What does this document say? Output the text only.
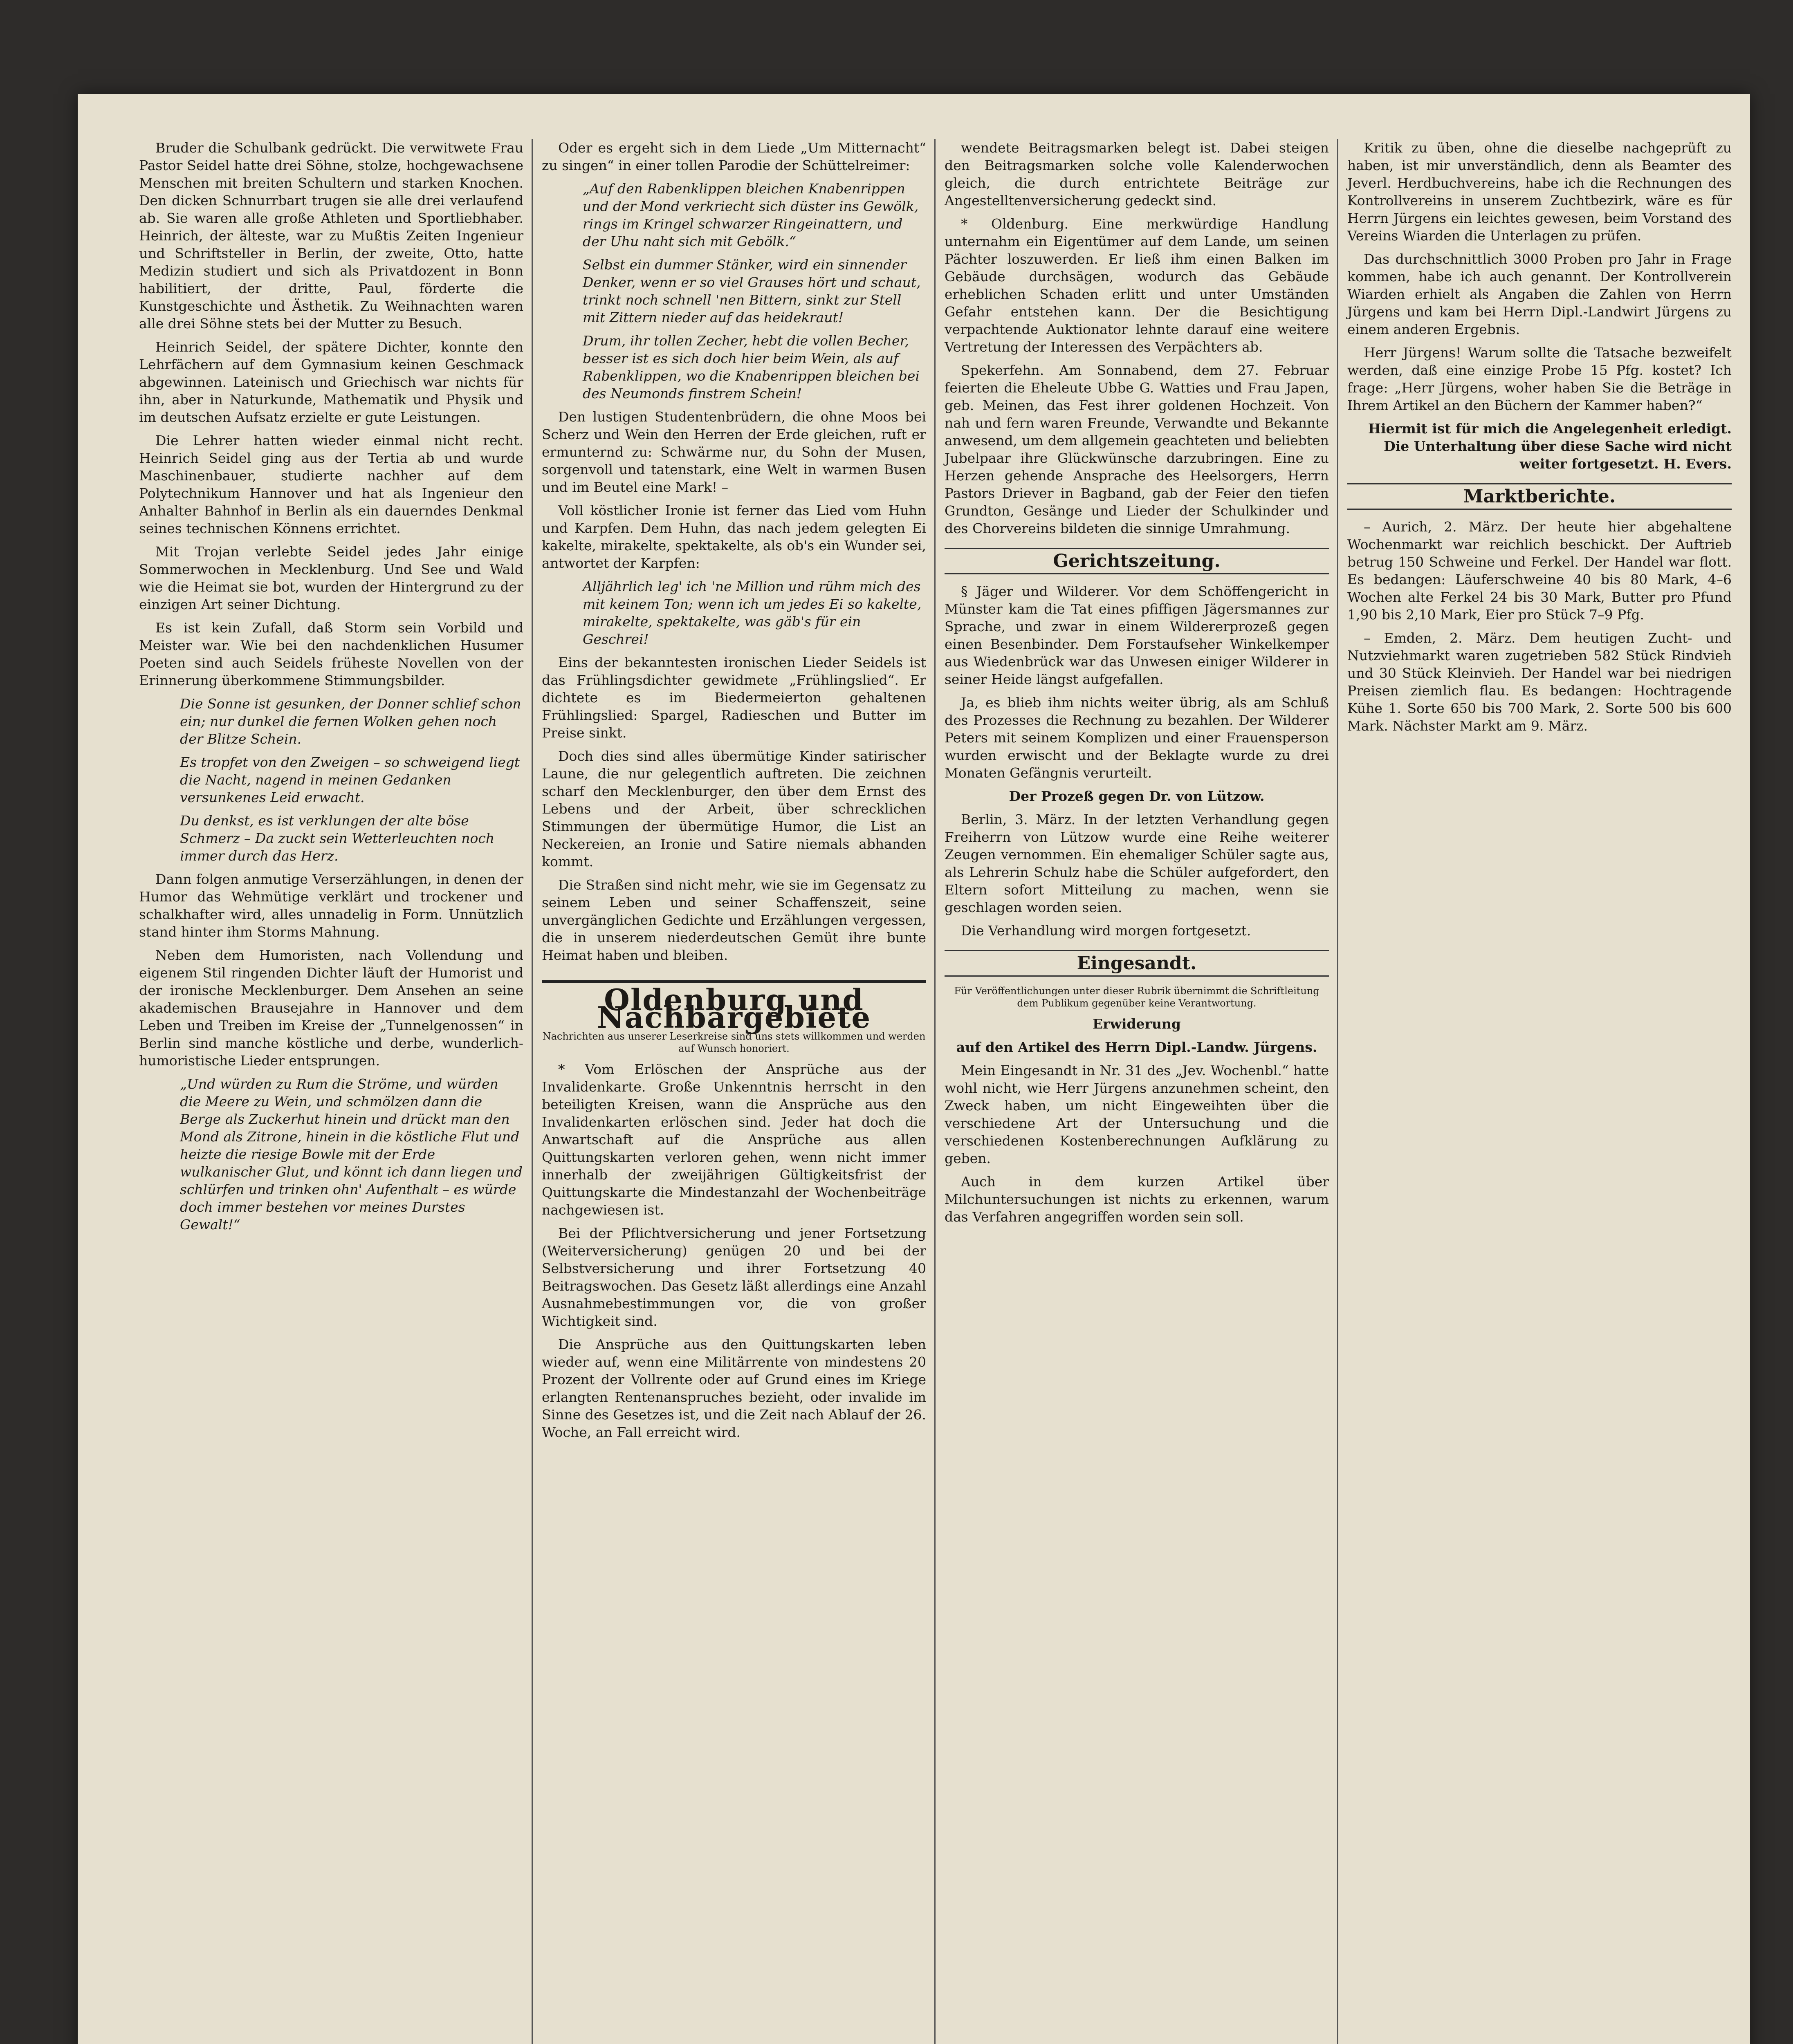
Bruder die Schulbank gedrückt. Die verwitwete Frau Pastor Seidel hatte drei Söhne, stolze, hochgewachsene Menschen mit breiten Schultern und starken Knochen. Den dicken Schnurrbart trugen sie alle drei verlaufend ab. Sie waren alle große Athleten und Sportliebhaber. Heinrich, der älteste, war zu Mußtis Zeiten Ingenieur und Schriftsteller in Berlin, der zweite, Otto, hatte Medizin studiert und sich als Privatdozent in Bonn habilitiert, der dritte, Paul, förderte die Kunstgeschichte und Ästhetik. Zu Weihnachten waren alle drei Söhne stets bei der Mutter zu Besuch.

Heinrich Seidel, der spätere Dichter, konnte den Lehrfächern auf dem Gymnasium keinen Geschmack abgewinnen. Lateinisch und Griechisch war nichts für ihn, aber in Naturkunde, Mathematik und Physik und im deutschen Aufsatz erzielte er gute Leistungen.

Die Lehrer hatten wieder einmal nicht recht. Heinrich Seidel ging aus der Tertia ab und wurde Maschinenbauer, studierte nachher auf dem Polytechnikum Hannover und hat als Ingenieur den Anhalter Bahnhof in Berlin als ein dauerndes Denkmal seines technischen Könnens errichtet.

Mit Trojan verlebte Seidel jedes Jahr einige Sommerwochen in Mecklenburg. Und See und Wald wie die Heimat sie bot, wurden der Hintergrund zu der einzigen Art seiner Dichtung.

Es ist kein Zufall, daß Storm sein Vorbild und Meister war. Wie bei den nachdenklichen Husumer Poeten sind auch Seidels früheste Novellen von der Erinnerung überkommene Stimmungsbilder.

Die Sonne ist gesunken, der Donner schlief schon ein; nur dunkel die fernen Wolken gehen noch der Blitze Schein.

Es tropfet von den Zweigen – so schweigend liegt die Nacht, nagend in meinen Gedanken versunkenes Leid erwacht.

Du denkst, es ist verklungen der alte böse Schmerz – Da zuckt sein Wetterleuchten noch immer durch das Herz.

Dann folgen anmutige Verserzählungen, in denen der Humor das Wehmütige verklärt und trockener und schalkhafter wird, alles unnadelig in Form. Unnützlich stand hinter ihm Storms Mahnung.

Neben dem Humoristen, nach Vollendung und eigenem Stil ringenden Dichter läuft der Humorist und der ironische Mecklenburger. Dem Ansehen an seine akademischen Brausejahre in Hannover und dem Leben und Treiben im Kreise der „Tunnelgenossen“ in Berlin sind manche köstliche und derbe, wunderlich-humoristische Lieder entsprungen.

„Und würden zu Rum die Ströme, und würden die Meere zu Wein, und schmölzen dann die Berge als Zuckerhut hinein und drückt man den Mond als Zitrone, hinein in die köstliche Flut und heizte die riesige Bowle mit der Erde wulkanischer Glut, und könnt ich dann liegen und schlürfen und trinken ohn' Aufenthalt – es würde doch immer bestehen vor meines Durstes Gewalt!“

Oder es ergeht sich in dem Liede „Um Mitternacht“ zu singen“ in einer tollen Parodie der Schüttelreimer:

„Auf den Rabenklippen bleichen Knabenrippen und der Mond verkriecht sich düster ins Gewölk, rings im Kringel schwarzer Ringeinattern, und der Uhu naht sich mit Gebölk.“

Selbst ein dummer Stänker, wird ein sinnender Denker, wenn er so viel Grauses hört und schaut, trinkt noch schnell 'nen Bittern, sinkt zur Stell mit Zittern nieder auf das heidekraut!

Drum, ihr tollen Zecher, hebt die vollen Becher, besser ist es sich doch hier beim Wein, als auf Rabenklippen, wo die Knabenrippen bleichen bei des Neumonds finstrem Schein!

Den lustigen Studentenbrüdern, die ohne Moos bei Scherz und Wein den Herren der Erde gleichen, ruft er ermunternd zu: Schwärme nur, du Sohn der Musen, sorgenvoll und tatenstark, eine Welt in warmen Busen und im Beutel eine Mark! –

Voll köstlicher Ironie ist ferner das Lied vom Huhn und Karpfen. Dem Huhn, das nach jedem gelegten Ei kakelte, mirakelte, spektakelte, als ob's ein Wunder sei, antwortet der Karpfen:

Alljährlich leg' ich 'ne Million und rühm mich des mit keinem Ton; wenn ich um jedes Ei so kakelte, mirakelte, spektakelte, was gäb's für ein Geschrei!

Eins der bekanntesten ironischen Lieder Seidels ist das Frühlingsdichter gewidmete „Frühlingslied“. Er dichtete es im Biedermeierton gehaltenen Frühlingslied: Spargel, Radieschen und Butter im Preise sinkt.

Doch dies sind alles übermütige Kinder satirischer Laune, die nur gelegentlich auftreten. Die zeichnen scharf den Mecklenburger, den über dem Ernst des Lebens und der Arbeit, über schrecklichen Stimmungen der übermütige Humor, die List an Neckereien, an Ironie und Satire niemals abhanden kommt.

Die Straßen sind nicht mehr, wie sie im Gegensatz zu seinem Leben und seiner Schaffenszeit, seine unvergänglichen Gedichte und Erzählungen vergessen, die in unserem niederdeutschen Gemüt ihre bunte Heimat haben und bleiben.

Oldenburg und Nachbargebiete

Nachrichten aus unserer Leserkreise sind uns stets willkommen und werden auf Wunsch honoriert.

* Vom Erlöschen der Ansprüche aus der Invalidenkarte. Große Unkenntnis herrscht in den beteiligten Kreisen, wann die Ansprüche aus den Invalidenkarten erlöschen sind. Jeder hat doch die Anwartschaft auf die Ansprüche aus allen Quittungskarten verloren gehen, wenn nicht immer innerhalb der zweijährigen Gültigkeitsfrist der Quittungskarte die Mindestanzahl der Wochenbeiträge nachgewiesen ist.

Bei der Pflichtversicherung und jener Fortsetzung (Weiterversicherung) genügen 20 und bei der Selbstversicherung und ihrer Fortsetzung 40 Beitragswochen. Das Gesetz läßt allerdings eine Anzahl Ausnahmebestimmungen vor, die von großer Wichtigkeit sind.

Die Ansprüche aus den Quittungskarten leben wieder auf, wenn eine Militärrente von mindestens 20 Prozent der Vollrente oder auf Grund eines im Kriege erlangten Rentenanspruches bezieht, oder invalide im Sinne des Gesetzes ist, und die Zeit nach Ablauf der 26. Woche, an Fall erreicht wird.

wendete Beitragsmarken belegt ist. Dabei steigen den Beitragsmarken solche volle Kalenderwochen gleich, die durch entrichtete Beiträge zur Angestelltenversicherung gedeckt sind.

* Oldenburg. Eine merkwürdige Handlung unternahm ein Eigentümer auf dem Lande, um seinen Pächter loszuwerden. Er ließ ihm einen Balken im Gebäude durchsägen, wodurch das Gebäude erheblichen Schaden erlitt und unter Umständen Gefahr entstehen kann. Der die Besichtigung verpachtende Auktionator lehnte darauf eine weitere Vertretung der Interessen des Verpächters ab.

Spekerfehn. Am Sonnabend, dem 27. Februar feierten die Eheleute Ubbe G. Watties und Frau Japen, geb. Meinen, das Fest ihrer goldenen Hochzeit. Von nah und fern waren Freunde, Verwandte und Bekannte anwesend, um dem allgemein geachteten und beliebten Jubelpaar ihre Glückwünsche darzubringen. Eine zu Herzen gehende Ansprache des Heelsorgers, Herrn Pastors Driever in Bagband, gab der Feier den tiefen Grundton, Gesänge und Lieder der Schulkinder und des Chorvereins bildeten die sinnige Umrahmung.

Gerichtszeitung.

§ Jäger und Wilderer. Vor dem Schöffengericht in Münster kam die Tat eines pfiffigen Jägersmannes zur Sprache, und zwar in einem Wildererprozeß gegen einen Besenbinder. Dem Forstaufseher Winkelkemper aus Wiedenbrück war das Unwesen einiger Wilderer in seiner Heide längst aufgefallen.

Ja, es blieb ihm nichts weiter übrig, als am Schluß des Prozesses die Rechnung zu bezahlen. Der Wilderer Peters mit seinem Komplizen und einer Frauensperson wurden erwischt und der Beklagte wurde zu drei Monaten Gefängnis verurteilt.

Der Prozeß gegen Dr. von Lützow.

Berlin, 3. März. In der letzten Verhandlung gegen Freiherrn von Lützow wurde eine Reihe weiterer Zeugen vernommen. Ein ehemaliger Schüler sagte aus, als Lehrerin Schulz habe die Schüler aufgefordert, den Eltern sofort Mitteilung zu machen, wenn sie geschlagen worden seien.

Die Verhandlung wird morgen fortgesetzt.

Eingesandt.

Für Veröffentlichungen unter dieser Rubrik übernimmt die Schriftleitung dem Publikum gegenüber keine Verantwortung.

Erwiderung

auf den Artikel des Herrn Dipl.-Landw. Jürgens.

Mein Eingesandt in Nr. 31 des „Jev. Wochenbl.“ hatte wohl nicht, wie Herr Jürgens anzunehmen scheint, den Zweck haben, um nicht Eingeweihten über die verschiedene Art der Untersuchung und die verschiedenen Kostenberechnungen Aufklärung zu geben.

Auch in dem kurzen Artikel über Milchuntersuchungen ist nichts zu erkennen, warum das Verfahren angegriffen worden sein soll.

Kritik zu üben, ohne die dieselbe nachgeprüft zu haben, ist mir unverständlich, denn als Beamter des Jeverl. Herdbuchvereins, habe ich die Rechnungen des Kontrollvereins in unserem Zuchtbezirk, wäre es für Herrn Jürgens ein leichtes gewesen, beim Vorstand des Vereins Wiarden die Unterlagen zu prüfen.

Das durchschnittlich 3000 Proben pro Jahr in Frage kommen, habe ich auch genannt. Der Kontrollverein Wiarden erhielt als Angaben die Zahlen von Herrn Jürgens und kam bei Herrn Dipl.-Landwirt Jürgens zu einem anderen Ergebnis.

Herr Jürgens! Warum sollte die Tatsache bezweifelt werden, daß eine einzige Probe 15 Pfg. kostet? Ich frage: „Herr Jürgens, woher haben Sie die Beträge in Ihrem Artikel an den Büchern der Kammer haben?“

Hiermit ist für mich die Angelegenheit erledigt. Die Unterhaltung über diese Sache wird nicht weiter fortgesetzt. H. Evers.

Marktberichte.

– Aurich, 2. März. Der heute hier abgehaltene Wochenmarkt war reichlich beschickt. Der Auftrieb betrug 150 Schweine und Ferkel. Der Handel war flott. Es bedangen: Läuferschweine 40 bis 80 Mark, 4–6 Wochen alte Ferkel 24 bis 30 Mark, Butter pro Pfund 1,90 bis 2,10 Mark, Eier pro Stück 7–9 Pfg.

– Emden, 2. März. Dem heutigen Zucht- und Nutzviehmarkt waren zugetrieben 582 Stück Rindvieh und 30 Stück Kleinvieh. Der Handel war bei niedrigen Preisen ziemlich flau. Es bedangen: Hochtragende Kühe 1. Sorte 650 bis 700 Mark, 2. Sorte 500 bis 600 Mark. Nächster Markt am 9. März.
